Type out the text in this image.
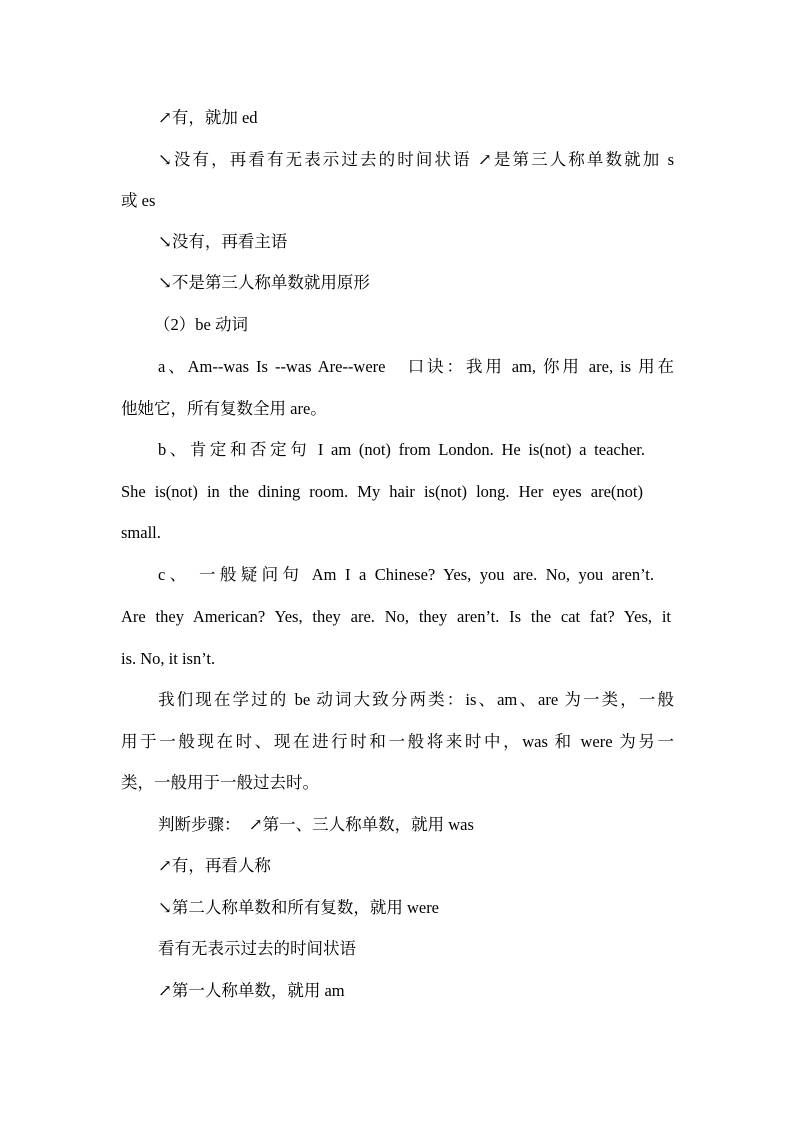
↗有，就加 ed

↘没有，再看有无表示过去的时间状语 ↗是第三人称单数就加 s

或 es

↘没有，再看主语

↘不是第三人称单数就用原形

（2）be 动词

a、Am--was Is --was Are--were　口诀：我用 am, 你用 are, is 用在

他她它，所有复数全用 are。

b、肯定和否定句 I am (not) from London. He is(not) a teacher.

She is(not) in the dining room. My hair is(not) long. Her eyes are(not)

small.

c、 一般疑问句 Am I a Chinese? Yes, you are. No, you aren’t.

Are they American? Yes, they are. No, they aren’t. Is the cat fat? Yes, it

is. No, it isn’t.

我们现在学过的 be 动词大致分两类：is、am、are 为一类，一般

用于一般现在时、现在进行时和一般将来时中，was 和 were 为另一

类，一般用于一般过去时。

判断步骤：　↗第一、三人称单数，就用 was

↗有，再看人称

↘第二人称单数和所有复数，就用 were

看有无表示过去的时间状语

↗第一人称单数，就用 am
